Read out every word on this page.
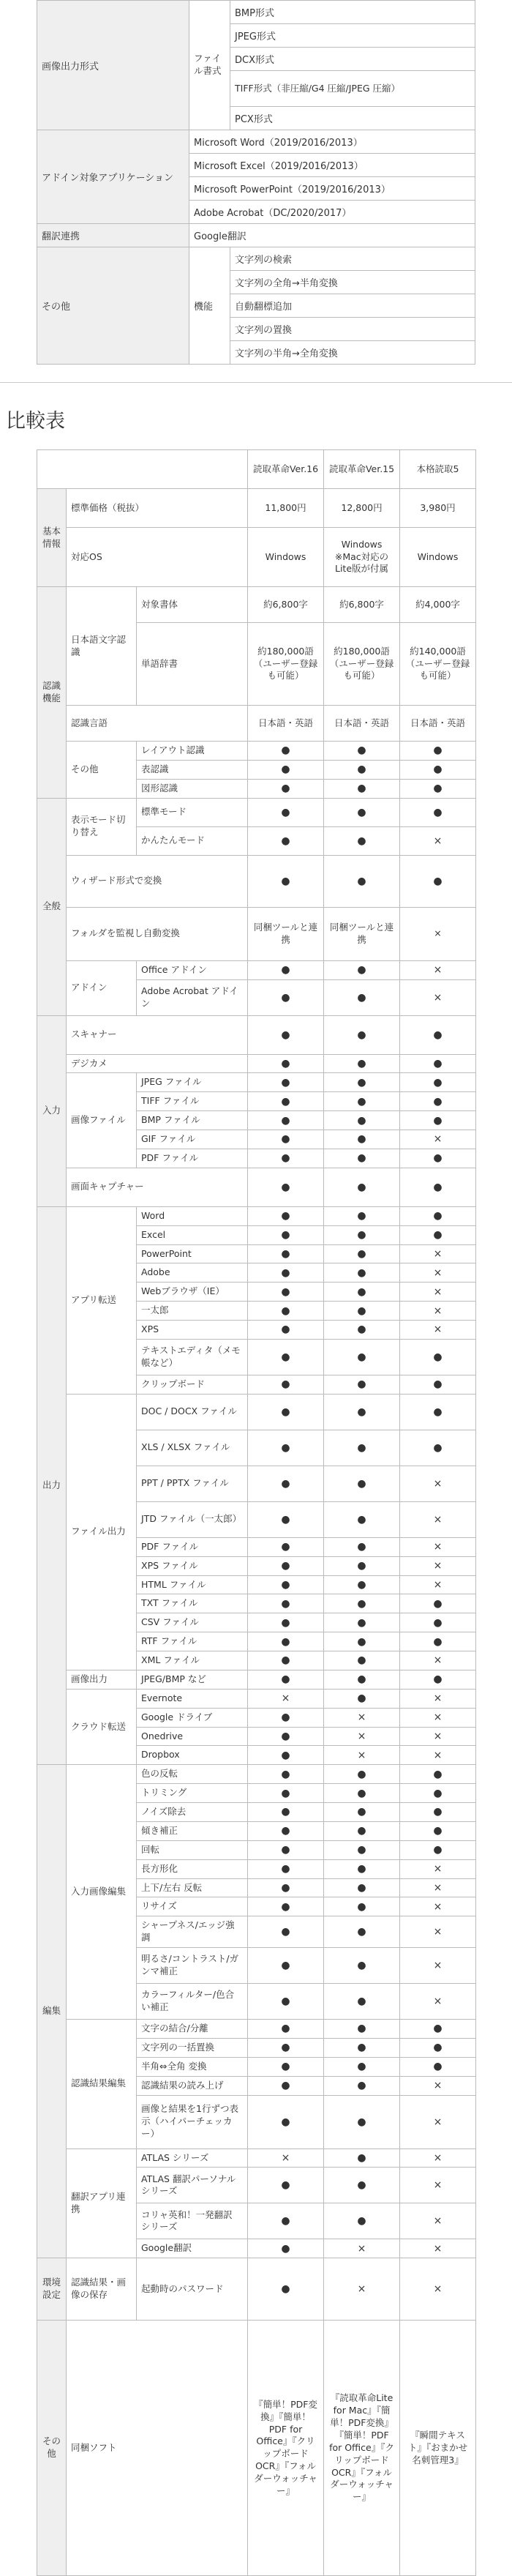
画像出力形式	ファイル書式	BMP形式
		JPEG形式
		DCX形式
		TIFF形式（非圧縮/G4 圧縮/JPEG 圧縮）
		PCX形式
アドイン対象アプリケーション	Microsoft Word（2019/2016/2013）	
	Microsoft Excel（2019/2016/2013）	
	Microsoft PowerPoint（2019/2016/2013）	
	Adobe Acrobat（DC/2020/2017）	
翻訳連携	Google翻訳	
その他	機能	文字列の検索
		文字列の全角→半角変換
		自動翻標追加
		文字列の置換
		文字列の半角→全角変換
比較表
			読取革命Ver.16	読取革命Ver.15	本格読取5
基本情報	標準価格（税抜）		11,800円	12,800円	3,980円
	対応OS		Windows	Windows ※Mac対応のLite版が付属	Windows
認識機能	日本語文字認識	対象書体	約6,800字	約6,800字	約4,000字
		単語辞書	約180,000語（ユーザー登録も可能）	約180,000語（ユーザー登録も可能）	約140,000語（ユーザー登録も可能）
	認識言語		日本語・英語	日本語・英語	日本語・英語
	その他	レイアウト認識	●	●	●
		表認識	●	●	●
		図形認識	●	●	●
全般	表示モード切り替え	標準モード	●	●	●
		かんたんモード	●	●	×
	ウィザード形式で変換		●	●	●
	フォルダを監視し自動変換		同梱ツールと連携	同梱ツールと連携	×
	アドイン	Office アドイン	●	●	×
		Adobe Acrobat アドイン	●	●	×
入力	スキャナー		●	●	●
	デジカメ		●	●	●
	画像ファイル	JPEG ファイル	●	●	●
		TIFF ファイル	●	●	●
		BMP ファイル	●	●	●
		GIF ファイル	●	●	×
		PDF ファイル	●	●	●
	画面キャプチャー		●	●	●
出力	アプリ転送	Word	●	●	●
		Excel	●	●	●
		PowerPoint	●	●	×
		Adobe	●	●	×
		Webブラウザ（IE）	●	●	×
		一太郎	●	●	×
		XPS	●	●	×
		テキストエディタ（メモ帳など）	●	●	●
		クリップボード	●	●	●
	ファイル出力	DOC / DOCX ファイル	●	●	●
		XLS / XLSX ファイル	●	●	●
		PPT / PPTX ファイル	●	●	×
		JTD ファイル（一太郎）	●	●	×
		PDF ファイル	●	●	×
		XPS ファイル	●	●	×
		HTML ファイル	●	●	×
		TXT ファイル	●	●	●
		CSV ファイル	●	●	●
		RTF ファイル	●	●	●
		XML ファイル	●	●	×
	画像出力	JPEG/BMP など	●	●	●
	クラウド転送	Evernote	×	●	×
		Google ドライブ	●	×	×
		Onedrive	●	×	×
		Dropbox	●	×	×
編集	入力画像編集	色の反転	●	●	●
		トリミング	●	●	●
		ノイズ除去	●	●	●
		傾き補正	●	●	●
		回転	●	●	●
		長方形化	●	●	×
		上下/左右 反転	●	●	×
		リサイズ	●	●	×
		シャープネス/エッジ強調	●	●	×
		明るさ/コントラスト/ガンマ補正	●	●	×
		カラーフィルター/色合い補正	●	●	×
	認識結果編集	文字の結合/分離	●	●	●
		文字列の一括置換	●	●	●
		半角⇔全角 変換	●	●	●
		認識結果の読み上げ	●	●	×
		画像と結果を1行ずつ表示（ハイパーチェッカー）	●	●	×
	翻訳アプリ連携	ATLAS シリーズ	×	●	×
		ATLAS 翻訳パーソナル シリーズ	●	●	×
		コリャ英和！一発翻訳 シリーズ	●	●	×
		Google翻訳	●	×	×
環境設定	認識結果・画像の保存	起動時のパスワード	●	×	×
その他	同梱ソフト		『簡単！PDF変換』『簡単！PDF for Office』『クリップボードOCR』『フォルダーウォッチャー』	『読取革命Lite for Mac』『簡単！PDF変換』『簡単！PDF for Office』『クリップボードOCR』『フォルダーウォッチャー』	『瞬間テキスト』『おまかせ名刺管理3』
